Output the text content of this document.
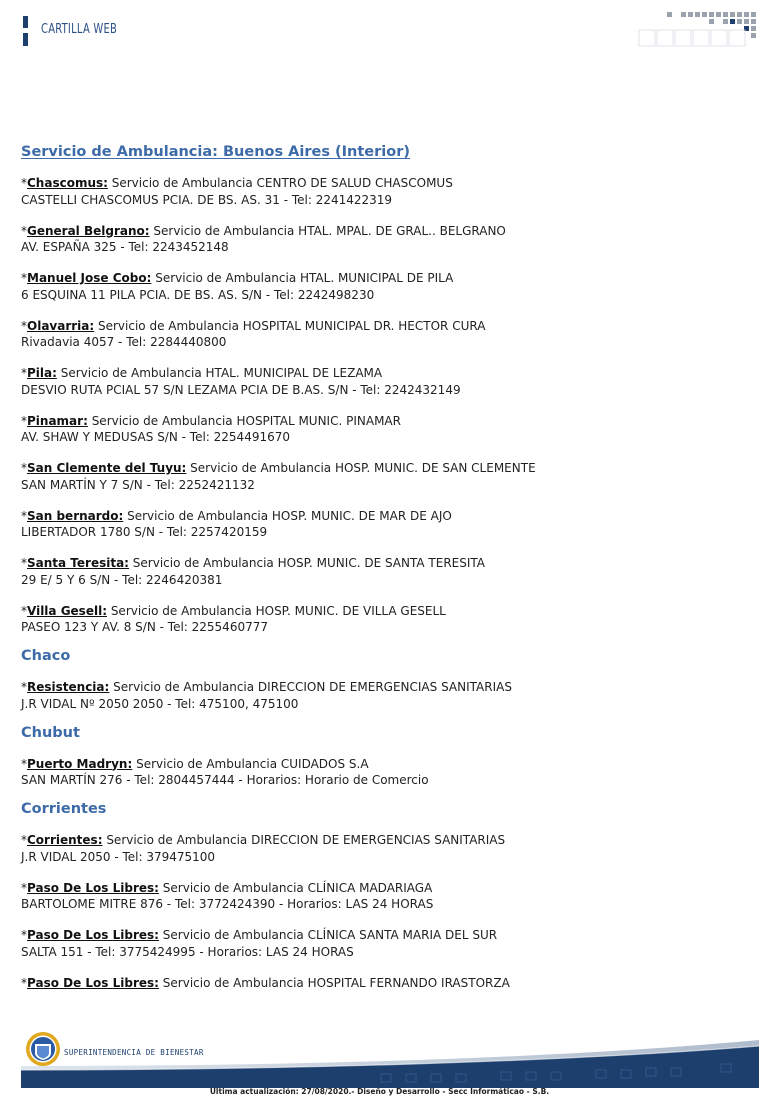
CARTILLA WEB
Servicio de Ambulancia: Buenos Aires (Interior)

*Chascomus: Servicio de Ambulancia CENTRO DE SALUD CHASCOMUS
CASTELLI CHASCOMUS PCIA. DE BS. AS. 31 - Tel: 2241422319

*General Belgrano: Servicio de Ambulancia HTAL. MPAL. DE GRAL.. BELGRANO
AV. ESPAÑA 325 - Tel: 2243452148

*Manuel Jose Cobo: Servicio de Ambulancia HTAL. MUNICIPAL DE PILA
6 ESQUINA 11 PILA PCIA. DE BS. AS. S/N - Tel: 2242498230

*Olavarria: Servicio de Ambulancia HOSPITAL MUNICIPAL DR. HECTOR CURA
Rivadavia 4057 - Tel: 2284440800

*Pila: Servicio de Ambulancia HTAL. MUNICIPAL DE LEZAMA
DESVIO RUTA PCIAL 57 S/N LEZAMA PCIA DE B.AS. S/N - Tel: 2242432149

*Pinamar: Servicio de Ambulancia HOSPITAL MUNIC. PINAMAR
AV. SHAW Y MEDUSAS S/N - Tel: 2254491670

*San Clemente del Tuyu: Servicio de Ambulancia HOSP. MUNIC. DE SAN CLEMENTE
SAN MARTÍN Y 7 S/N - Tel: 2252421132

*San bernardo: Servicio de Ambulancia HOSP. MUNIC. DE MAR DE AJO
LIBERTADOR 1780 S/N - Tel: 2257420159

*Santa Teresita: Servicio de Ambulancia HOSP. MUNIC. DE SANTA TERESITA
29 E/ 5 Y 6 S/N - Tel: 2246420381

*Villa Gesell: Servicio de Ambulancia HOSP. MUNIC. DE VILLA GESELL
PASEO 123 Y AV. 8 S/N - Tel: 2255460777

Chaco

*Resistencia: Servicio de Ambulancia DIRECCION DE EMERGENCIAS SANITARIAS
J.R VIDAL Nº 2050 2050 - Tel: 475100, 475100

Chubut

*Puerto Madryn: Servicio de Ambulancia CUIDADOS S.A
SAN MARTÍN 276 - Tel: 2804457444 - Horarios: Horario de Comercio

Corrientes

*Corrientes: Servicio de Ambulancia DIRECCION DE EMERGENCIAS SANITARIAS
J.R VIDAL 2050 - Tel: 379475100

*Paso De Los Libres: Servicio de Ambulancia CLÍNICA MADARIAGA
BARTOLOME MITRE 876 - Tel: 3772424390 - Horarios: LAS 24 HORAS

*Paso De Los Libres: Servicio de Ambulancia CLÍNICA SANTA MARIA DEL SUR
SALTA 151 - Tel: 3775424995 - Horarios: LAS 24 HORAS

*Paso De Los Libres: Servicio de Ambulancia HOSPITAL FERNANDO IRASTORZA

SUPERINTENDENCIA DE BIENESTAR
Ultima actualización: 27/08/2020.- Diseño y Desarrollo - Secc Informáticao - S.B.
